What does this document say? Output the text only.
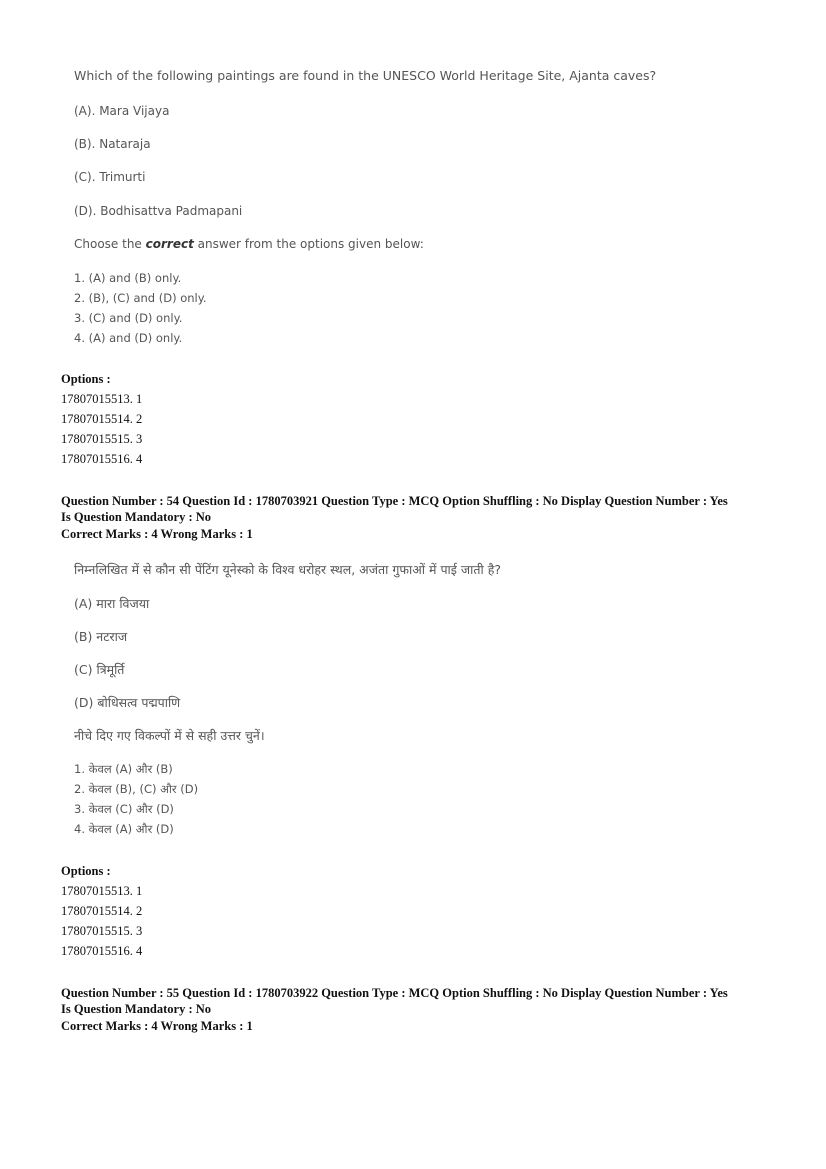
Which of the following paintings are found in the UNESCO World Heritage Site, Ajanta caves?
(A). Mara Vijaya
(B). Nataraja
(C). Trimurti
(D). Bodhisattva Padmapani
Choose the correct answer from the options given below:
1. (A) and (B) only.
2. (B), (C) and (D) only.
3. (C) and (D) only.
4. (A) and (D) only.
Options :
17807015513. 1
17807015514. 2
17807015515. 3
17807015516. 4
Question Number : 54 Question Id : 1780703921 Question Type : MCQ Option Shuffling : No Display Question Number : Yes
Is Question Mandatory : No
Correct Marks : 4 Wrong Marks : 1
निम्नलिखित में से कौन सी पेंटिंग यूनेस्को के विश्व धरोहर स्थल, अजंता गुफाओं में पाई जाती है?
(A) मारा विजया
(B) नटराज
(C) त्रिमूर्ति
(D) बोधिसत्व पद्मपाणि
नीचे दिए गए विकल्पों में से सही उत्तर चुनें।
1. केवल (A) और (B)
2. केवल (B), (C) और (D)
3. केवल (C) और (D)
4. केवल (A) और (D)
Options :
17807015513. 1
17807015514. 2
17807015515. 3
17807015516. 4
Question Number : 55 Question Id : 1780703922 Question Type : MCQ Option Shuffling : No Display Question Number : Yes
Is Question Mandatory : No
Correct Marks : 4 Wrong Marks : 1
